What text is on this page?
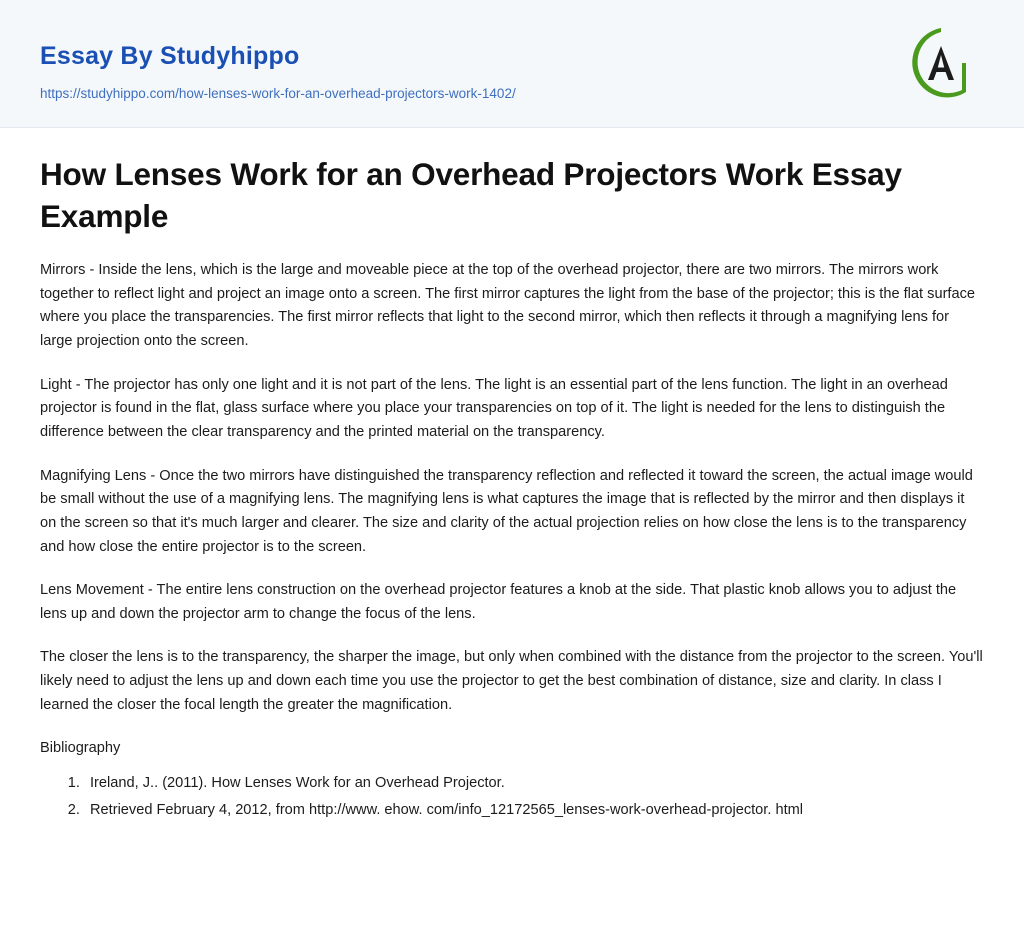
Essay By Studyhippo
https://studyhippo.com/how-lenses-work-for-an-overhead-projectors-work-1402/
How Lenses Work for an Overhead Projectors Work Essay Example

Mirrors - Inside the lens, which is the large and moveable piece at the top of the overhead projector, there are two mirrors. The mirrors work together to reflect light and project an image onto a screen. The first mirror captures the light from the base of the projector; this is the flat surface where you place the transparencies. The first mirror reflects that light to the second mirror, which then reflects it through a magnifying lens for large projection onto the screen.

Light - The projector has only one light and it is not part of the lens. The light is an essential part of the lens function. The light in an overhead projector is found in the flat, glass surface where you place your transparencies on top of it. The light is needed for the lens to distinguish the difference between the clear transparency and the printed material on the transparency.

Magnifying Lens - Once the two mirrors have distinguished the transparency reflection and reflected it toward the screen, the actual image would be small without the use of a magnifying lens. The magnifying lens is what captures the image that is reflected by the mirror and then displays it on the screen so that it's much larger and clearer. The size and clarity of the actual projection relies on how close the lens is to the transparency and how close the entire projector is to the screen.

Lens Movement - The entire lens construction on the overhead projector features a knob at the side. That plastic knob allows you to adjust the lens up and down the projector arm to change the focus of the lens.

The closer the lens is to the transparency, the sharper the image, but only when combined with the distance from the projector to the screen. You'll likely need to adjust the lens up and down each time you use the projector to get the best combination of distance, size and clarity. In class I learned the closer the focal length the greater the magnification.

Bibliography

1. Ireland, J.. (2011). How Lenses Work for an Overhead Projector.
2. Retrieved February 4, 2012, from http://www. ehow. com/info_12172565_lenses-work-overhead-projector. html
